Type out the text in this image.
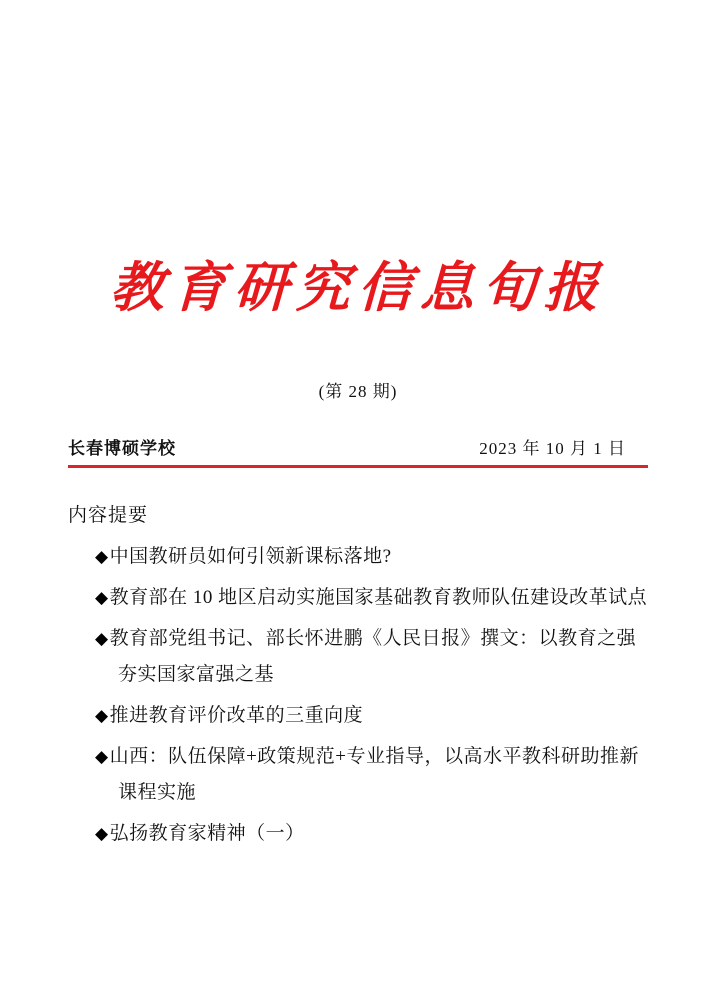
教育研究信息旬报
(第 28 期)
长春博硕学校	2023 年 10 月 1 日
内容提要
◆中国教研员如何引领新课标落地?
◆教育部在 10 地区启动实施国家基础教育教师队伍建设改革试点
◆教育部党组书记、部长怀进鹏《人民日报》撰文：以教育之强夯实国家富强之基
◆推进教育评价改革的三重向度
◆山西：队伍保障+政策规范+专业指导，以高水平教科研助推新课程实施
◆弘扬教育家精神（一）
